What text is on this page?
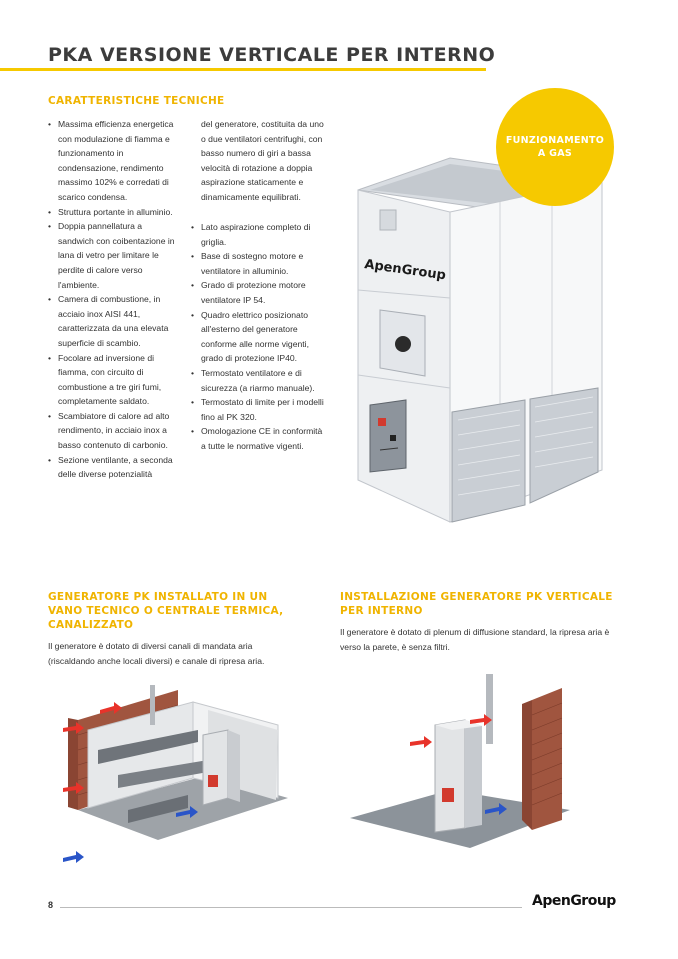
PKA VERSIONE VERTICALE PER INTERNO
CARATTERISTICHE TECNICHE
• Massima efficienza energetica con modulazione di fiamma e funzionamento in condensazione, rendimento massimo 102% e corredati di scarico condensa.
• Struttura portante in alluminio.
• Doppia pannellatura a sandwich con coibentazione in lana di vetro per limitare le perdite di calore verso l'ambiente.
• Camera di combustione, in acciaio inox AISI 441, caratterizzata da una elevata superficie di scambio.
• Focolare ad inversione di fiamma, con circuito di combustione a tre giri fumi, completamente saldato.
• Scambiatore di calore ad alto rendimento, in acciaio inox a basso contenuto di carbonio.
• Sezione ventilante, a seconda delle diverse potenzialità

del generatore, costituita da uno o due ventilatori centrifughi, con basso numero di giri a bassa velocità di rotazione a doppia aspirazione staticamente e dinamicamente equilibrati.

• Lato aspirazione completo di griglia.
• Base di sostegno motore e ventilatore in alluminio.
• Grado di protezione motore ventilatore IP 54.
• Quadro elettrico posizionato all'esterno del generatore conforme alle norme vigenti, grado di protezione IP40.
• Termostato ventilatore e di sicurezza (a riarmo manuale).
• Termostato di limite per i modelli fino al PK 320.
• Omologazione CE in conformità a tutte le normative vigenti.
ApenGroup
FUNZIONAMENTO
A GAS
GENERATORE PK INSTALLATO IN UN VANO TECNICO O CENTRALE TERMICA, CANALIZZATO

Il generatore è dotato di diversi canali di mandata aria (riscaldando anche locali diversi) e canale di ripresa aria.

INSTALLAZIONE GENERATORE PK VERTICALE PER INTERNO

Il generatore è dotato di plenum di diffusione standard, la ripresa aria è verso la parete, è senza filtri.

8	ApenGroup
